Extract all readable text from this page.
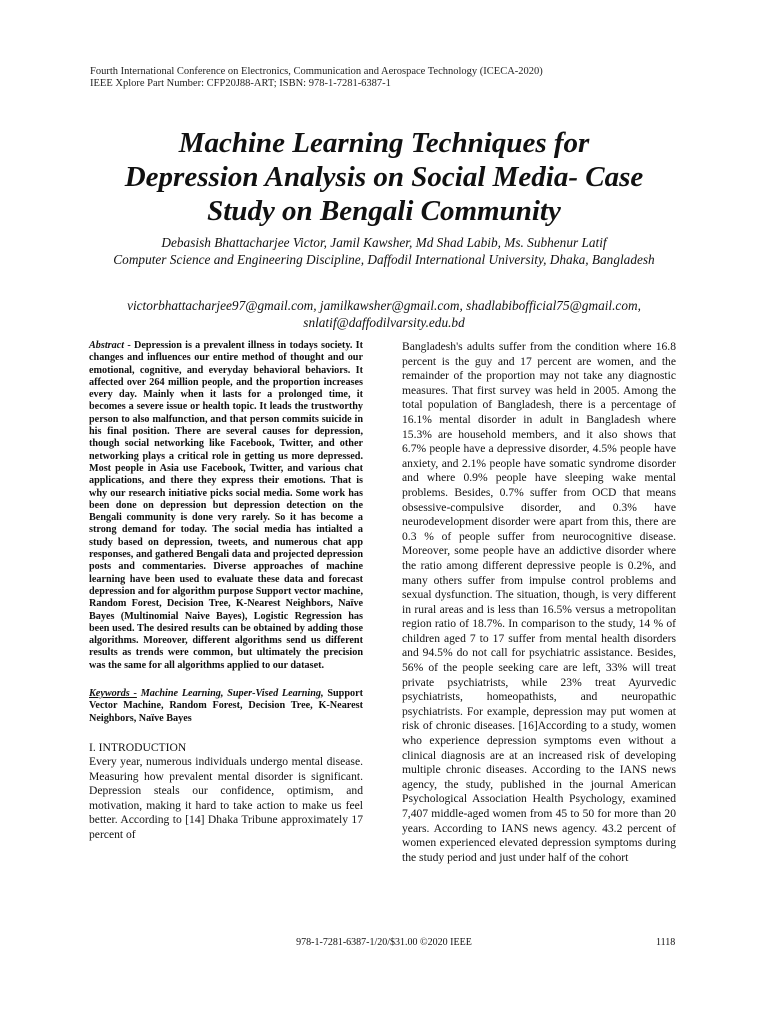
Fourth International Conference on Electronics, Communication and Aerospace Technology (ICECA-2020)
IEEE Xplore Part Number: CFP20J88-ART; ISBN: 978-1-7281-6387-1
Machine Learning Techniques for
Depression Analysis on Social Media- Case
Study on Bengali Community
Debasish Bhattacharjee Victor, Jamil Kawsher, Md Shad Labib, Ms. Subhenur Latif
Computer Science and Engineering Discipline, Daffodil International University, Dhaka, Bangladesh
victorbhattacharjee97@gmail.com, jamilkawsher@gmail.com, shadlabibofficial75@gmail.com,
snlatif@daffodilvarsity.edu.bd

Abstract - Depression is a prevalent illness in todays society. It changes and influences our entire method of thought and our emotional, cognitive, and everyday behavioral behaviors. It affected over 264 million people, and the proportion increases every day. Mainly when it lasts for a prolonged time, it becomes a severe issue or health topic. It leads the trustworthy person to also malfunction, and that person commits suicide in his final position. There are several causes for depression, though social networking like Facebook, Twitter, and other networking plays a critical role in getting us more depressed. Most people in Asia use Facebook, Twitter, and various chat applications, and there they express their emotions. That is why our research initiative picks social media. Some work has been done on depression but depression detection on the Bengali community is done very rarely. So it has become a strong demand for today. The social media has intialted a study based on depression, tweets, and numerous chat app responses, and gathered Bengali data and projected depression posts and commentaries. Diverse approaches of machine learning have been used to evaluate these data and forecast depression and for algorithm purpose Support vector machine, Random Forest, Decision Tree, K-Nearest Neighbors, Naïve Bayes (Multinomial Naive Bayes), Logistic Regression has been used. The desired results can be obtained by adding those algorithms. Moreover, different algorithms send us different results as trends were common, but ultimately the precision was the same for all algorithms applied to our dataset.

Keywords - Machine Learning, Super-Vised Learning, Support Vector Machine, Random Forest, Decision Tree, K-Nearest Neighbors, Naïve Bayes

I. INTRODUCTION

Every year, numerous individuals undergo mental disease. Measuring how prevalent mental disorder is significant. Depression steals our confidence, optimism, and motivation, making it hard to take action to make us feel better. According to [14] Dhaka Tribune approximately 17 percent of

Bangladesh's adults suffer from the condition where 16.8 percent is the guy and 17 percent are women, and the remainder of the proportion may not take any diagnostic measures. That first survey was held in 2005. Among the total population of Bangladesh, there is a percentage of 16.1% mental disorder in adult in Bangladesh where 15.3% are household members, and it also shows that 6.7% people have a depressive disorder, 4.5% people have anxiety, and 2.1% people have somatic syndrome disorder and where 0.9% people have sleeping wake mental problems. Besides, 0.7% suffer from OCD that means obsessive-compulsive disorder, and 0.3% have neurodevelopment disorder were apart from this, there are 0.3 % of people suffer from neurocognitive disease. Moreover, some people have an addictive disorder where the ratio among different depressive people is 0.2%, and many others suffer from impulse control problems and sexual dysfunction. The situation, though, is very different in rural areas and is less than 16.5% versus a metropolitan region ratio of 18.7%. In comparison to the study, 14 % of children aged 7 to 17 suffer from mental health disorders and 94.5% do not call for psychiatric assistance. Besides, 56% of the people seeking care are left, 33% will treat private psychiatrists, while 23% treat Ayurvedic psychiatrists, homeopathists, and neuropathic psychiatrists. For example, depression may put women at risk of chronic diseases. [16]According to a study, women who experience depression symptoms even without a clinical diagnosis are at an increased risk of developing multiple chronic diseases. According to the IANS news agency, the study, published in the journal American Psychological Association Health Psychology, examined 7,407 middle-aged women from 45 to 50 for more than 20 years. According to IANS news agency. 43.2 percent of women experienced elevated depression symptoms during the study period and just under half of the cohort

978-1-7281-6387-1/20/$31.00 ©2020 IEEE	1118
